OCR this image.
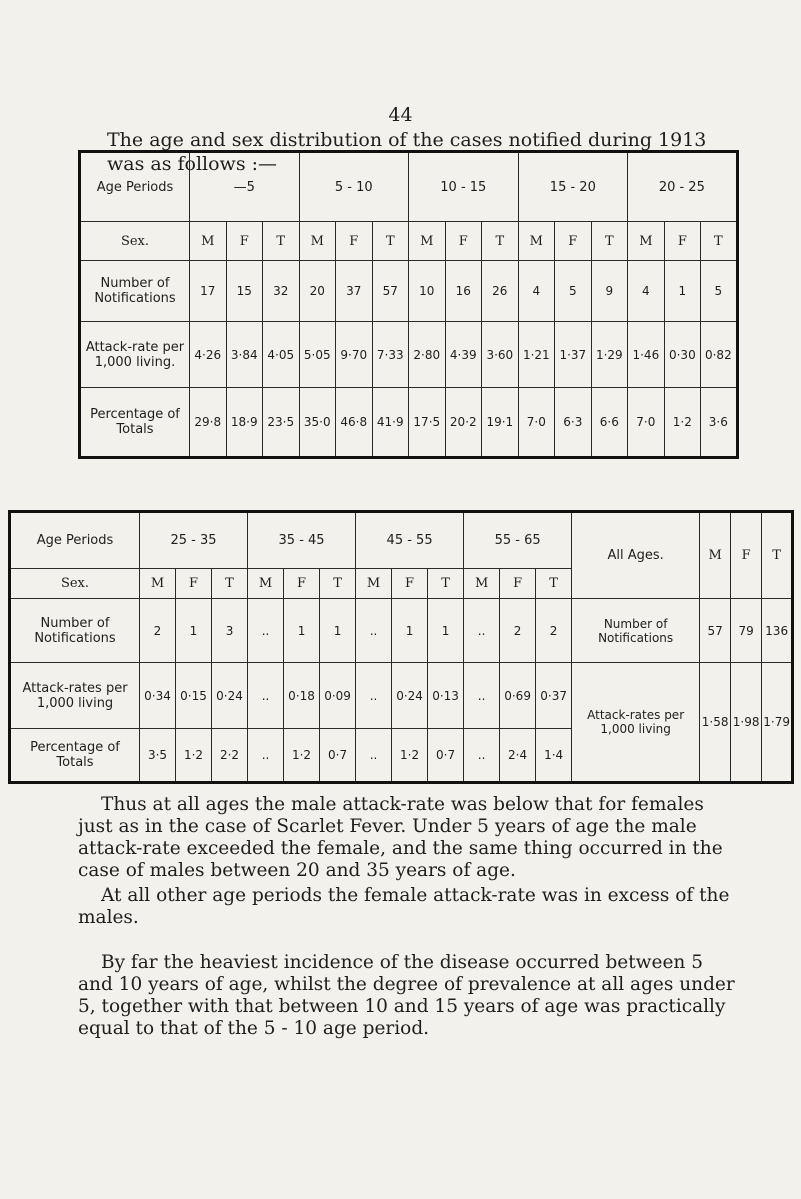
44

The age and sex distribution of the cases notified during 1913 was as follows :—

Age Periods	—5			5 - 10			10 - 15			15 - 20			20 - 25		
Sex.	M	F	T	M	F	T	M	F	T	M	F	T	M	F	T
Number of Notifications	17	15	32	20	37	57	10	16	26	4	5	9	4	1	5
Attack-rate per 1,000 living.	4·26	3·84	4·05	5·05	9·70	7·33	2·80	4·39	3·60	1·21	1·37	1·29	1·46	0·30	0·82
Percentage of Totals	29·8	18·9	23·5	35·0	46·8	41·9	17·5	20·2	19·1	7·0	6·3	6·6	7·0	1·2	3·6
Age Periods	25 - 35			35 - 45			45 - 55			55 - 65			All Ages.	M	F	T
Sex.	M	F	T	M	F	T	M	F	T	M	F	T				
Number of Notifications	2	1	3	..	1	1	..	1	1	..	2	2	Number of Notifications	57	79	136
Attack-rates per 1,000 living	0·34	0·15	0·24	..	0·18	0·09	..	0·24	0·13	..	0·69	0·37	Attack-rates per 1,000 living	1·58	1·98	1·79
Percentage of Totals	3·5	1·2	2·2	..	1·2	0·7	..	1·2	0·7	..	2·4	1·4				

Thus at all ages the male attack-rate was below that for females just as in the case of Scarlet Fever. Under 5 years of age the male attack-rate exceeded the female, and the same thing occurred in the case of males between 20 and 35 years of age.

At all other age periods the female attack-rate was in excess of the males.

By far the heaviest incidence of the disease occurred between 5 and 10 years of age, whilst the degree of prevalence at all ages under 5, together with that between 10 and 15 years of age was practically equal to that of the 5 - 10 age period.
